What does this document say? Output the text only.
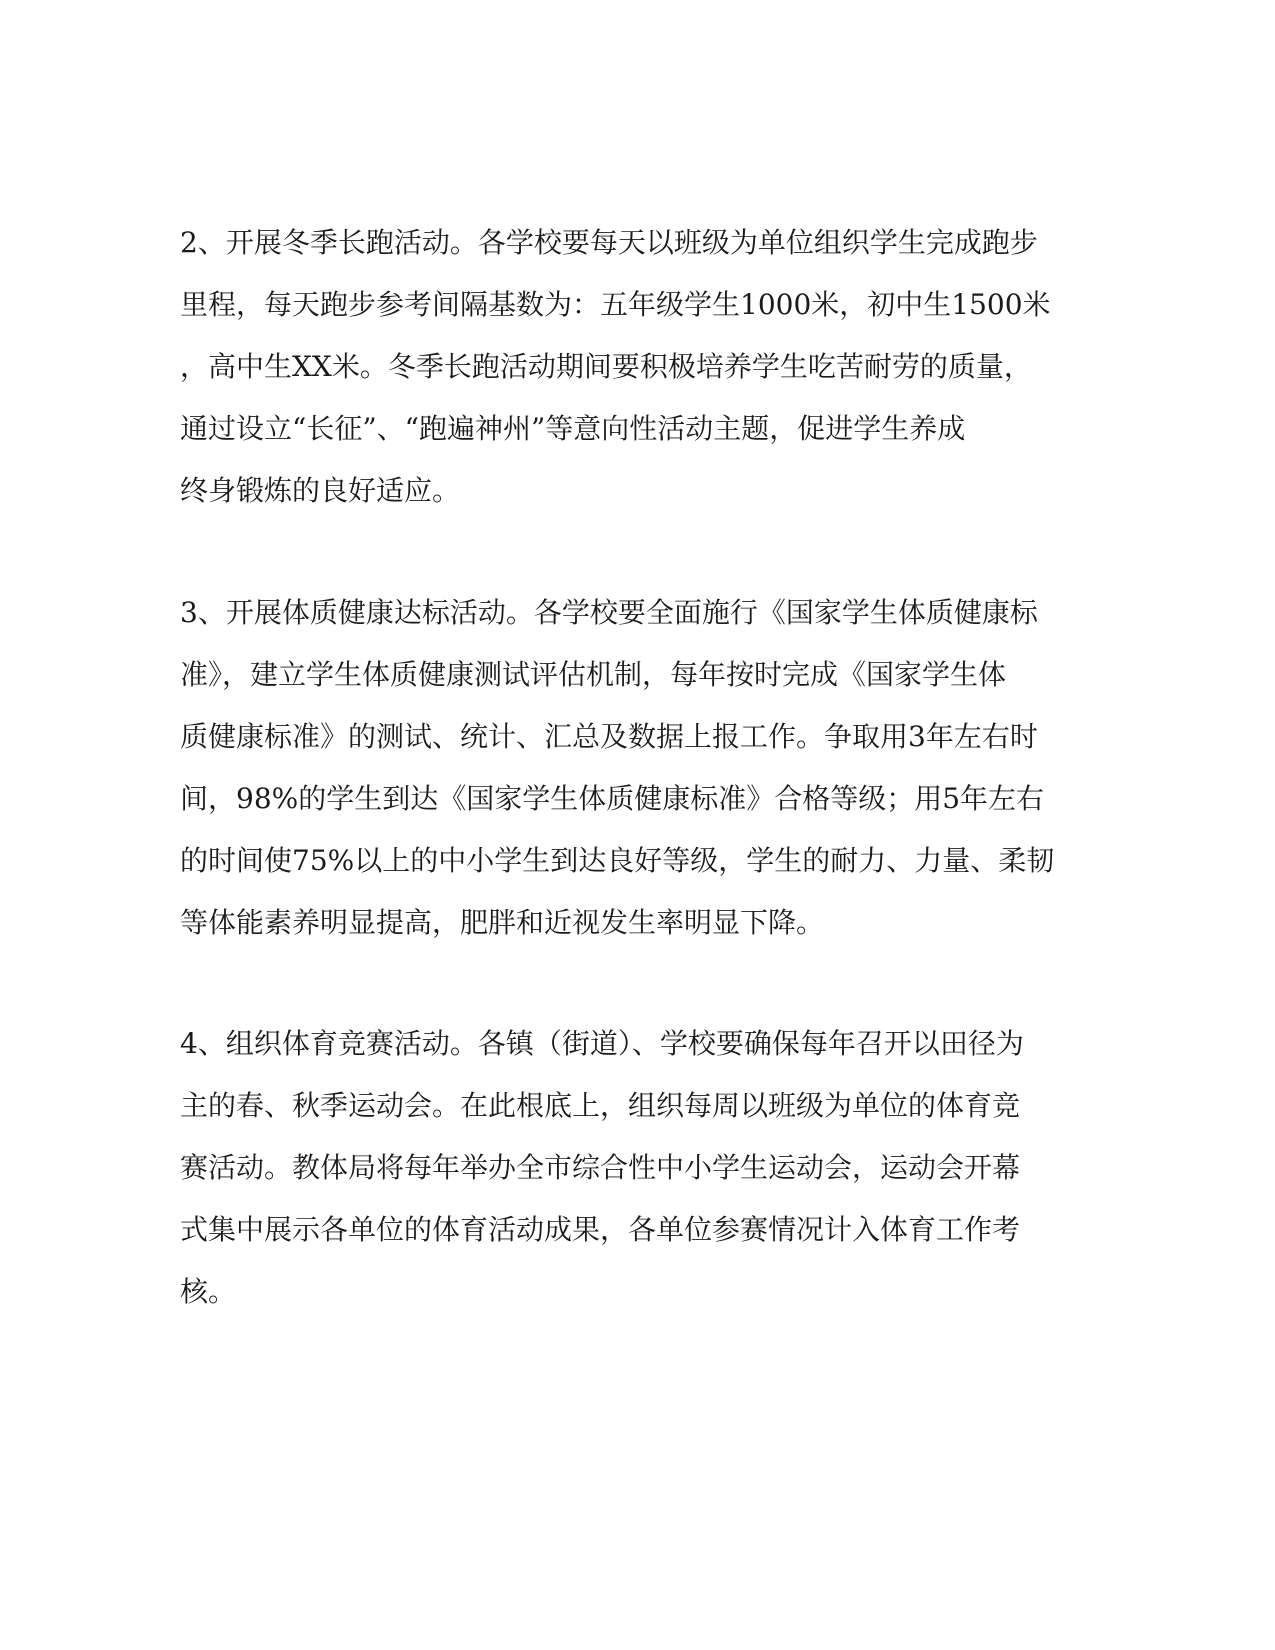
2、开展冬季长跑活动。各学校要每天以班级为单位组织学生完成跑步
里程，每天跑步参考间隔基数为：五年级学生1000米，初中生1500米
，高中生XX米。冬季长跑活动期间要积极培养学生吃苦耐劳的质量，
通过设立“长征”、“跑遍神州”等意向性活动主题，促进学生养成
终身锻炼的良好适应。
3、开展体质健康达标活动。各学校要全面施行《国家学生体质健康标
准》，建立学生体质健康测试评估机制，每年按时完成《国家学生体
质健康标准》的测试、统计、汇总及数据上报工作。争取用3年左右时
间，98%的学生到达《国家学生体质健康标准》合格等级；用5年左右
的时间使75%以上的中小学生到达良好等级，学生的耐力、力量、柔韧
等体能素养明显提高，肥胖和近视发生率明显下降。
4、组织体育竞赛活动。各镇（街道）、学校要确保每年召开以田径为
主的春、秋季运动会。在此根底上，组织每周以班级为单位的体育竞
赛活动。教体局将每年举办全市综合性中小学生运动会，运动会开幕
式集中展示各单位的体育活动成果，各单位参赛情况计入体育工作考
核。
